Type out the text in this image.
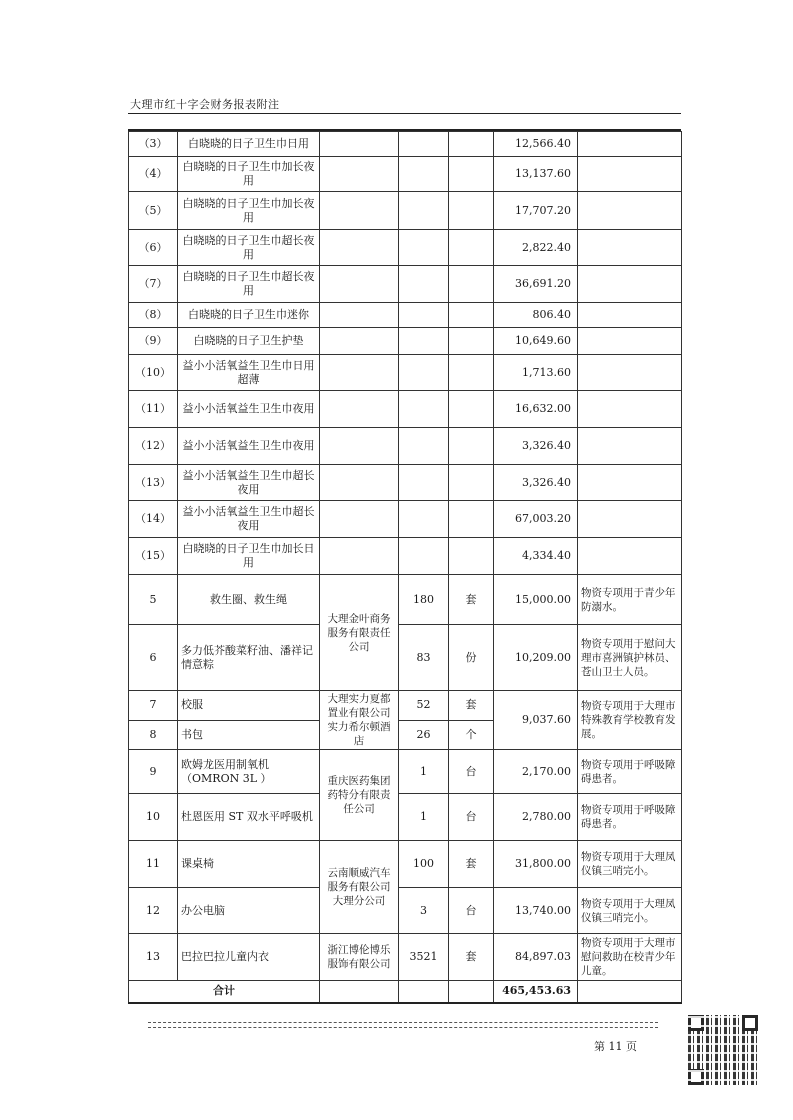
大理市红十字会财务报表附注
（3）	白晓晓的日子卫生巾日用				12,566.40	
（4）	白晓晓的日子卫生巾加长夜用				13,137.60	
（5）	白晓晓的日子卫生巾加长夜用				17,707.20	
（6）	白晓晓的日子卫生巾超长夜用				2,822.40	
（7）	白晓晓的日子卫生巾超长夜用				36,691.20	
（8）	白晓晓的日子卫生巾迷你				806.40	
（9）	白晓晓的日子卫生护垫				10,649.60	
（10）	益小小活氧益生卫生巾日用超薄				1,713.60	
（11）	益小小活氧益生卫生巾夜用				16,632.00	
（12）	益小小活氧益生卫生巾夜用				3,326.40	
（13）	益小小活氧益生卫生巾超长夜用				3,326.40	
（14）	益小小活氧益生卫生巾超长夜用				67,003.20	
（15）	白晓晓的日子卫生巾加长日用				4,334.40	
5	救生圈、救生绳	大理金叶商务服务有限责任公司	180	套	15,000.00	物资专项用于青少年防溺水。
6	多力低芥酸菜籽油、潘祥记情意粽		83	份	10,209.00	物资专项用于慰问大理市喜洲镇护林员、苍山卫士人员。
7	校服	大理实力夏都置业有限公司实力希尔顿酒店	52	套	9,037.60	物资专项用于大理市特殊教育学校教育发展。
8	书包		26	个		
9	欧姆龙医用制氧机（OMRON 3L ）	重庆医药集团药特分有限责任公司	1	台	2,170.00	物资专项用于呼吸障碍患者。
10	杜恩医用 ST 双水平呼吸机		1	台	2,780.00	物资专项用于呼吸障碍患者。
11	课桌椅	云南顺威汽车服务有限公司大理分公司	100	套	31,800.00	物资专项用于大理凤仪镇三哨完小。
12	办公电脑		3	台	13,740.00	物资专项用于大理凤仪镇三哨完小。
13	巴拉巴拉儿童内衣	浙江博伦博乐服饰有限公司	3521	套	84,897.03	物资专项用于大理市慰问救助在校青少年儿童。
合计					465,453.63	
第 11 页
